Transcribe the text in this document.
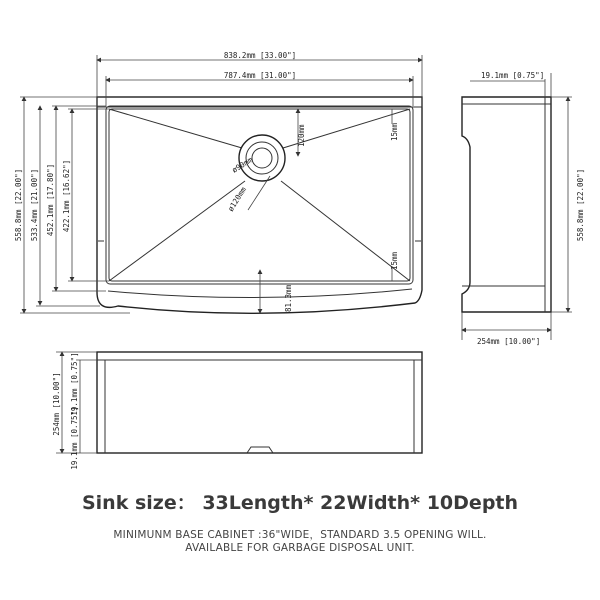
838.2mm [33.00"]
787.4mm [31.00"]
558.8mm [22.00"] 533.4mm [21.00"] 452.1mm [17.80"] 422.1mm [16.62"]	ø90mm
ø120mm
120mm	15mm
15mm
81.3mm
19.1mm [0.75"]
558.8mm [22.00"]
254mm [10.00"]
254mm [10.00"] 19.1mm [0.75"]
19.1mm [0.75"]
Sink size： 33Length* 22Width* 10Depth
MINIMUNM BASE CABINET :36"WIDE，STANDARD 3.5 OPENING WILL.
AVAILABLE FOR GARBAGE DISPOSAL UNIT.
